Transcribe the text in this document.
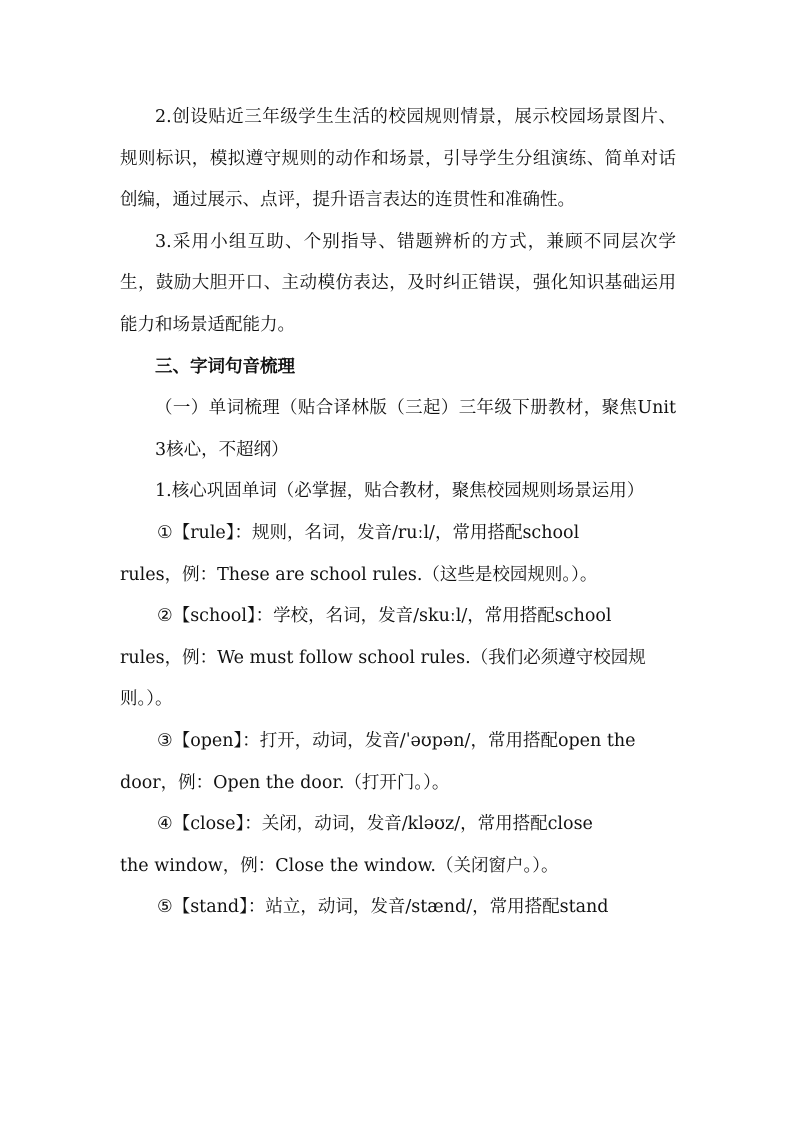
2.创设贴近三年级学生生活的校园规则情景，展示校园场景图片、规则标识，模拟遵守规则的动作和场景，引导学生分组演练、简单对话创编，通过展示、点评，提升语言表达的连贯性和准确性。

3.采用小组互助、个别指导、错题辨析的方式，兼顾不同层次学生，鼓励大胆开口、主动模仿表达，及时纠正错误，强化知识基础运用能力和场景适配能力。

三、字词句音梳理

（一）单词梳理（贴合译林版（三起）三年级下册教材，聚焦Unit 3核心，不超纲）

1.核心巩固单词（必掌握，贴合教材，聚焦校园规则场景运用）

①【rule】：规则，名词，发音/ruːl/，常用搭配school

rules，例：These are school rules.（这些是校园规则。）。

②【school】：学校，名词，发音/skuːl/，常用搭配school

rules，例：We must follow school rules.（我们必须遵守校园规

则。）。

③【open】：打开，动词，发音/ˈəʊpən/，常用搭配open the

door，例：Open the door.（打开门。）。

④【close】：关闭，动词，发音/kləʊz/，常用搭配close

the window，例：Close the window.（关闭窗户。）。

⑤【stand】：站立，动词，发音/stænd/，常用搭配stand
